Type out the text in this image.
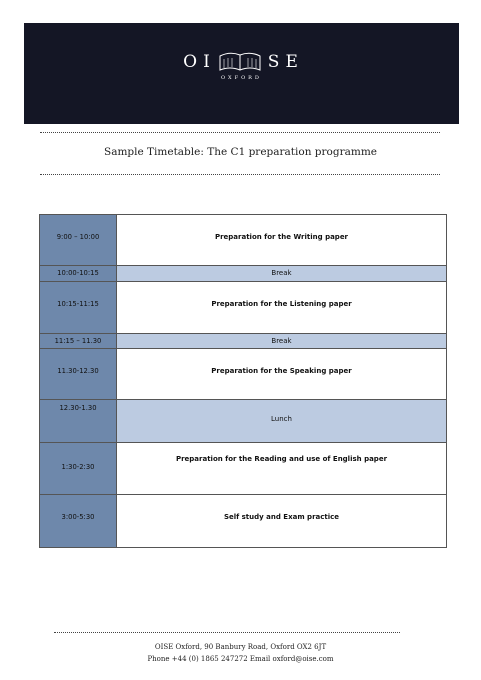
O I	S E
OXFORD
Sample Timetable: The C1 preparation programme
9:00 – 10:00	Preparation for the Writing paper

10:00-10:15	Break

10:15-11:15	Preparation for the Listening paper

11:15 – 11.30	Break

11.30-12.30	Preparation for the Speaking paper

12.30-1.30	Lunch

1:30-2:30	Preparation for the Reading and use of English paper

3:00-5:30	Self study and Exam practice
OISE Oxford, 90 Banbury Road, Oxford OX2 6JT
Phone +44 (0) 1865 247272 Email oxford@oise.com
